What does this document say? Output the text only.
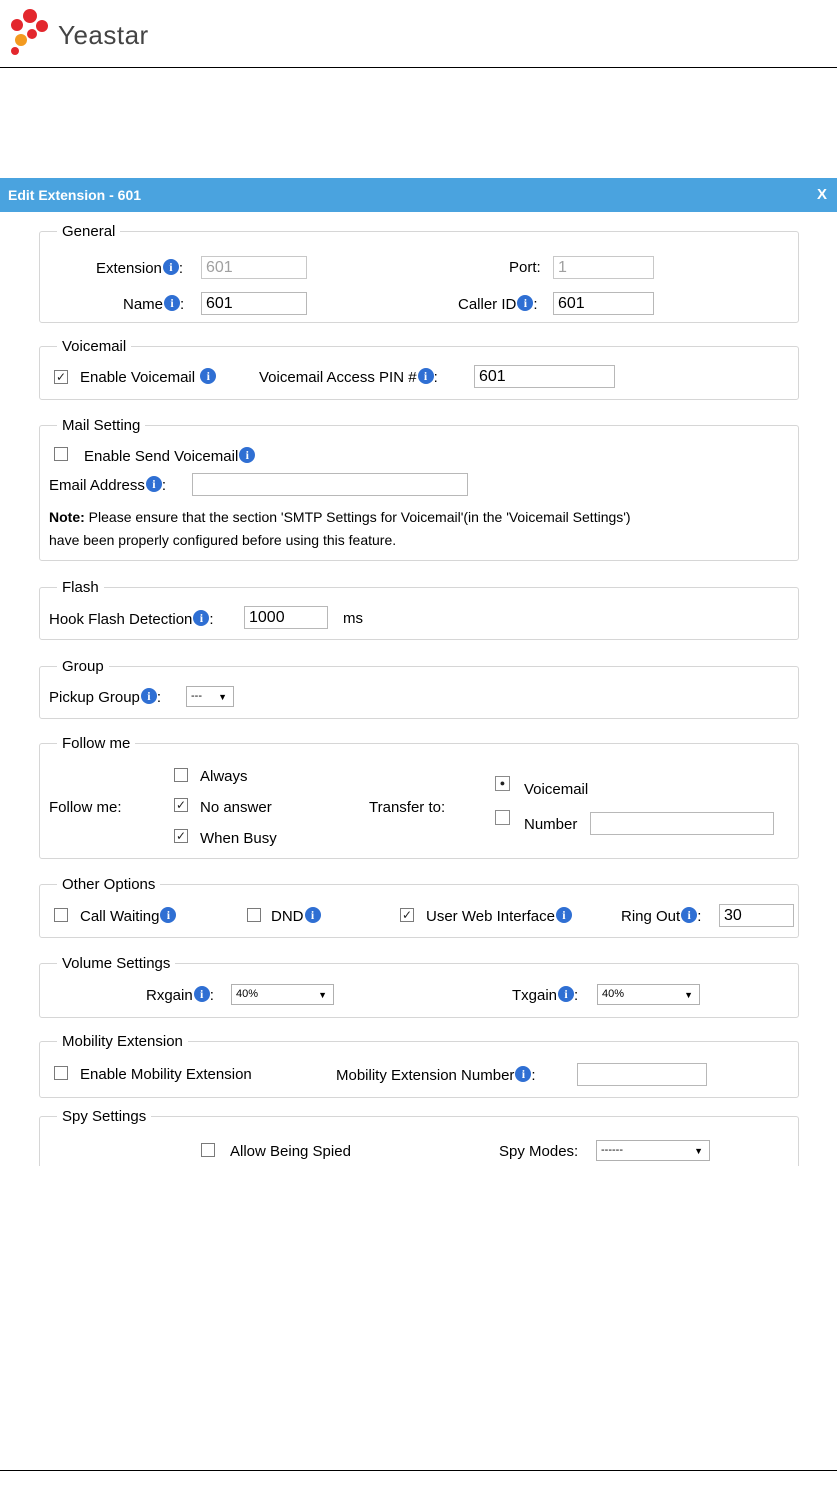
Yeastar
Edit Extension - 601	X
General
Extension i :
601	Port:
1
Name i :
601	Caller ID i :
601
Voicemail
✓ Enable Voicemail i	Voicemail Access PIN # i :
601
Mail Setting
Enable Send Voicemail i
Email Address i :
Note: Please ensure that the section 'SMTP Settings for Voicemail'(in the 'Voicemail Settings')
have been properly configured before using this feature.
Flash
Hook Flash Detection i :
1000	ms
Group
Pickup Group i :	--- ▼
Follow me
Follow me:
Always
✓ No answer
✓ When Busy
Transfer to:
●	Voicemail
Number
Other Options
Call Waiting i	DND i	✓ User Web Interface i	Ring Out i :
30
Volume Settings
Rxgain i :	40%	▼	Txgain i :	40%	▼
Mobility Extension
Enable Mobility Extension	Mobility Extension Number i :
Spy Settings
Allow Being Spied	Spy Modes:	------	▼
